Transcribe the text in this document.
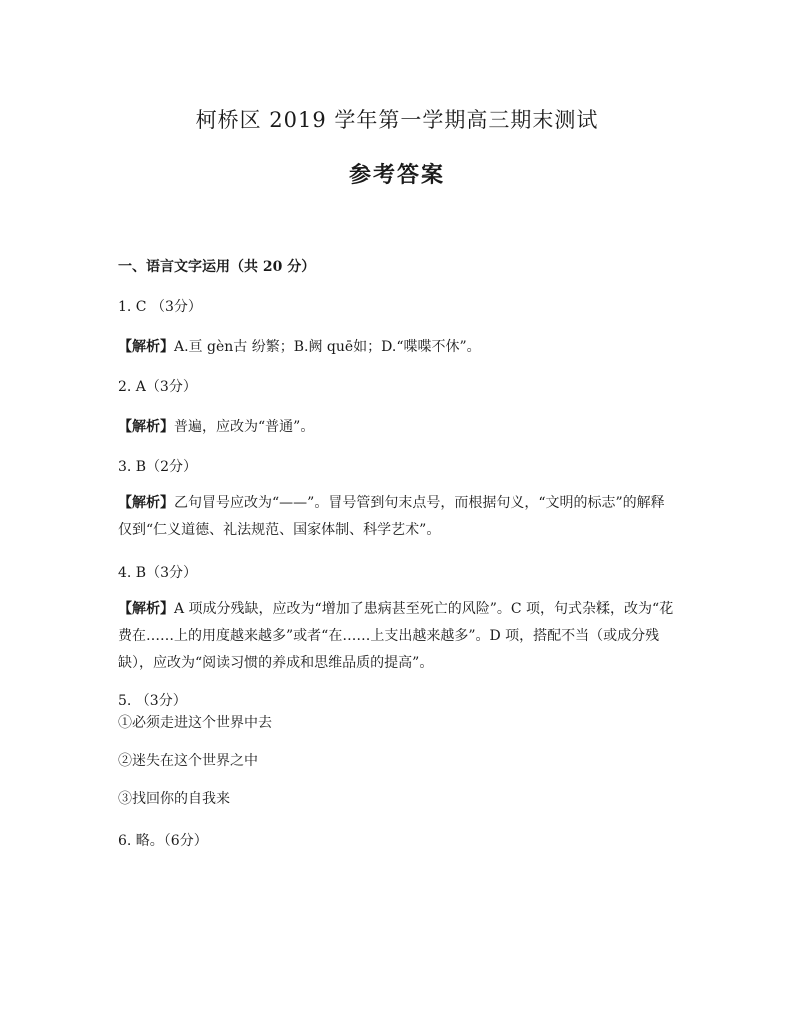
柯桥区 2019 学年第一学期高三期末测试
参考答案
一、语言文字运用（共 20 分）
1. C （3分）
【解析】A.亘 gèn古 纷繁；B.阙 quē如；D.“喋喋不休”。
2. A（3分）
【解析】普遍，应改为“普通”。
3. B（2分）
【解析】乙句冒号应改为“——”。冒号管到句末点号，而根据句义，“文明的标志”的解释仅到“仁义道德、礼法规范、国家体制、科学艺术”。
4. B（3分）
【解析】A 项成分残缺，应改为“增加了患病甚至死亡的风险”。C 项，句式杂糅，改为“花费在……上的用度越来越多”或者“在……上支出越来越多”。D 项，搭配不当（或成分残缺），应改为“阅读习惯的养成和思维品质的提高”。
5. （3分）
①必须走进这个世界中去
②迷失在这个世界之中
③找回你的自我来
6. 略。（6分）
